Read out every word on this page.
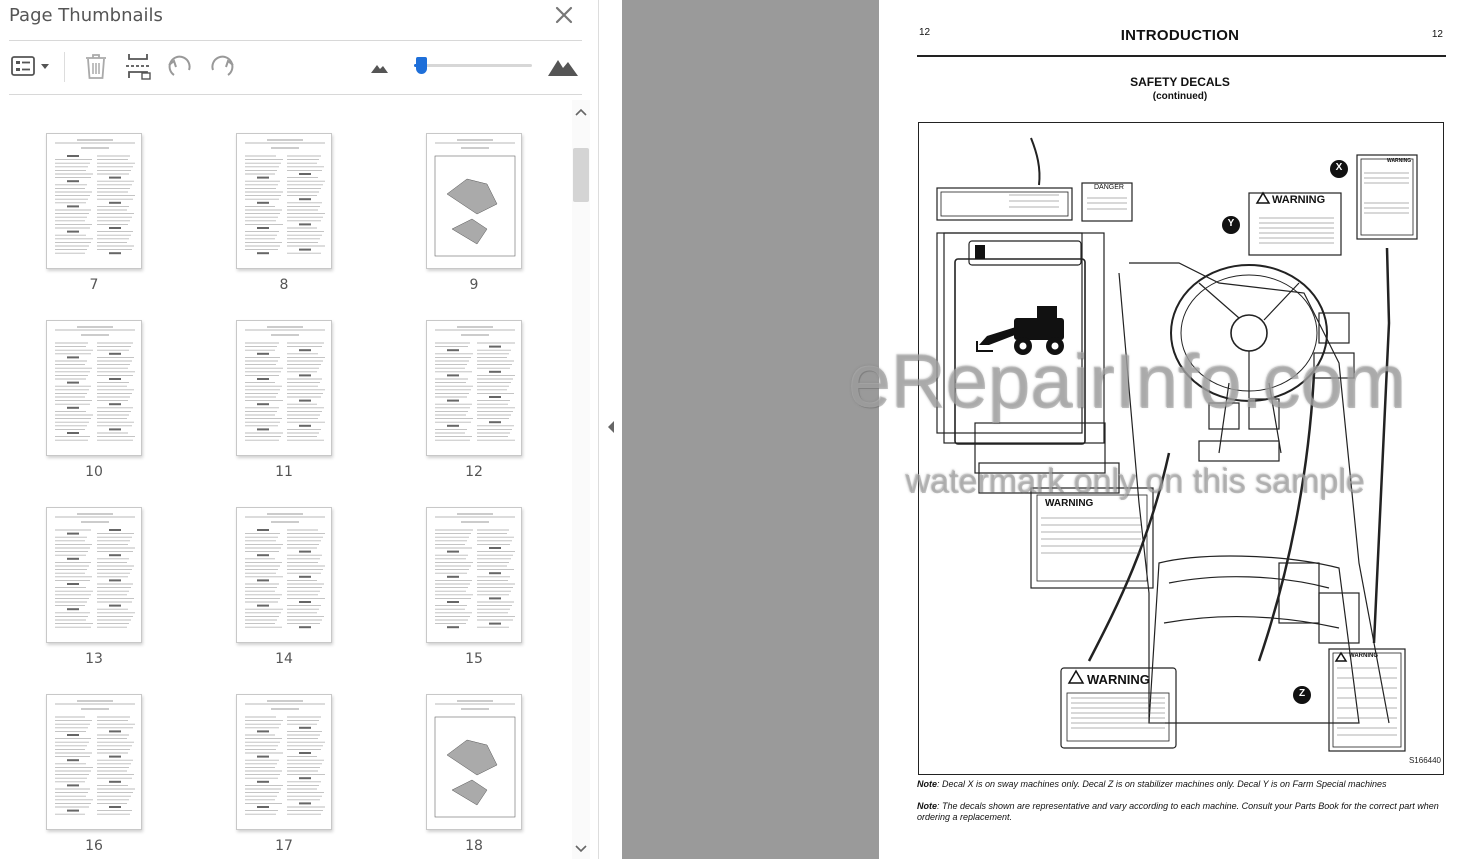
Page Thumbnails
7	8	9
10	11	12
13	14	15
16	17	18
12	INTRODUCTION	12
SAFETY DECALS
(continued)
X
Y
Z
WARNING
WARNING
WARNING
WARNING
WARNING
DANGER
S166440
Note: Decal X is on sway machines only. Decal Z is on stabilizer machines only. Decal Y is on Farm Special machines
Note: The decals shown are representative and vary according to each machine. Consult your Parts Book for the correct part when ordering a replacement.
eRepairInfo.com
watermark only on this sample
